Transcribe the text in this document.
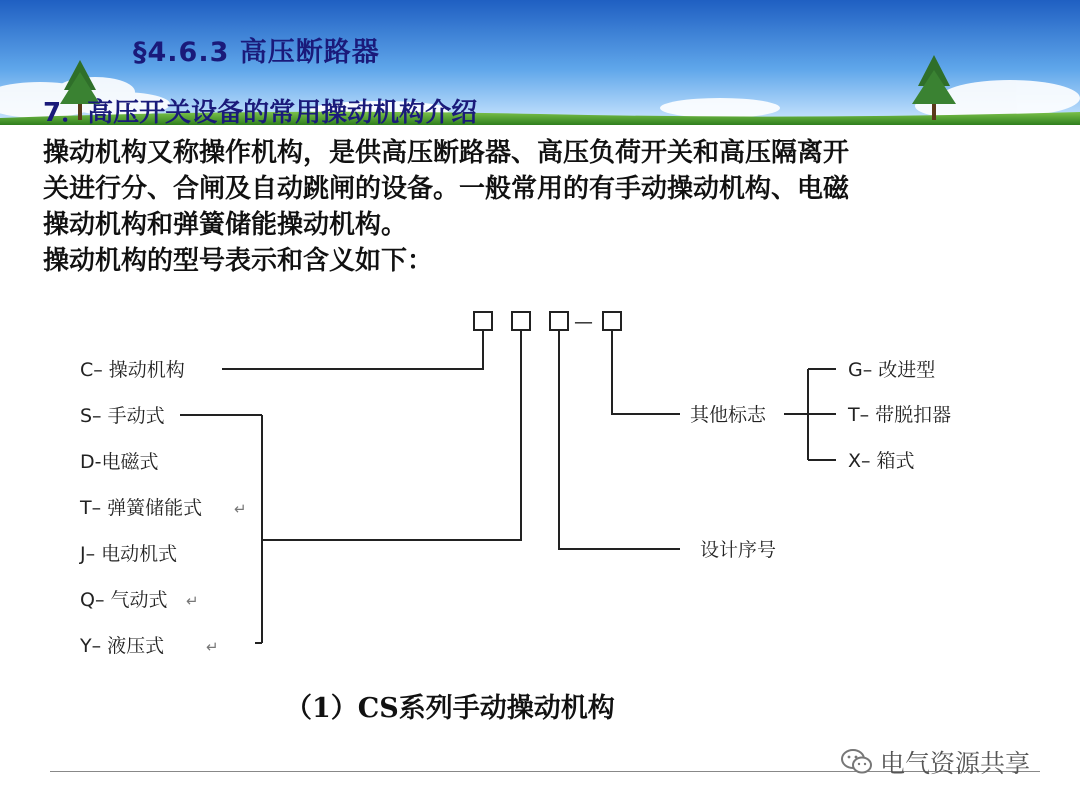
§4.6.3 高压断路器
7．高压开关设备的常用操动机构介绍
操动机构又称操作机构，是供高压断路器、高压负荷开关和高压隔离开
关进行分、合闸及自动跳闸的设备。一般常用的有手动操动机构、电磁
操动机构和弹簧储能操动机构。
操动机构的型号表示和含义如下：
—
C– 操动机构
S– 手动式
D-电磁式
T– 弹簧储能式
J– 电动机式
Q– 气动式
Y– 液压式
↵
↵
↵
设计序号
其他标志
G– 改进型
T– 带脱扣器
X– 箱式
（1）CS系列手动操动机构
电气资源共享
